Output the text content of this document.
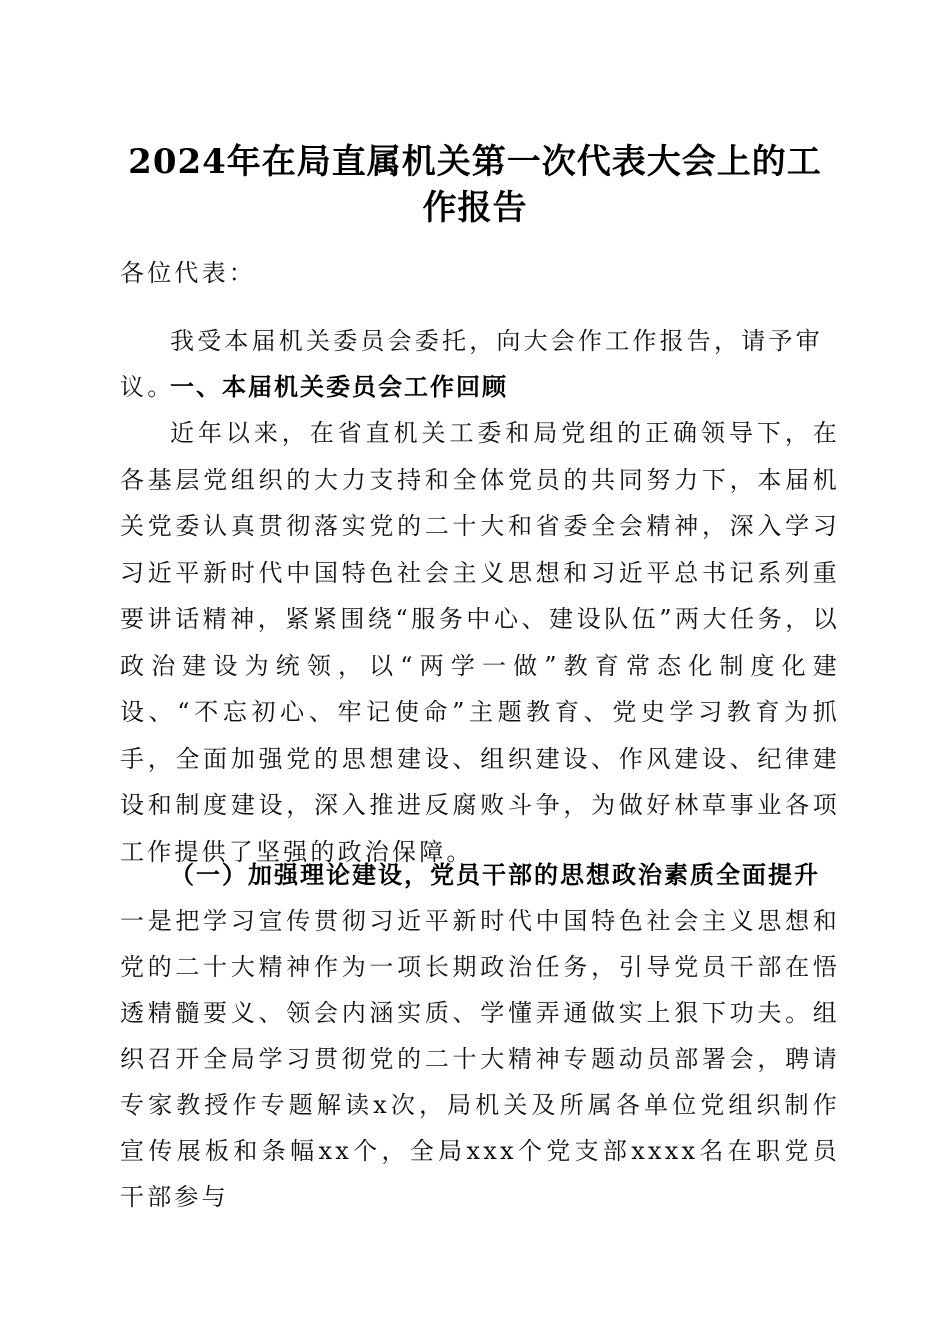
2024年在局直属机关第一次代表大会上的工
作报告
各位代表：
我受本届机关委员会委托，向大会作工作报告，请予审议。
一、本届机关委员会工作回顾
近年以来，在省直机关工委和局党组的正确领导下，在各基层党组织的大力支持和全体党员的共同努力下，本届机关党委认真贯彻落实党的二十大和省委全会精神，深入学习习近平新时代中国特色社会主义思想和习近平总书记系列重要讲话精神，紧紧围绕“服务中心、建设队伍”两大任务，以政治建设为统领，以“两学一做”教育常态化制度化建设、“不忘初心、牢记使命”主题教育、党史学习教育为抓手，全面加强党的思想建设、组织建设、作风建设、纪律建设和制度建设，深入推进反腐败斗争，为做好林草事业各项工作提供了坚强的政治保障。
（一）加强理论建设，党员干部的思想政治素质全面提升
一是把学习宣传贯彻习近平新时代中国特色社会主义思想和党的二十大精神作为一项长期政治任务，引导党员干部在悟透精髓要义、领会内涵实质、学懂弄通做实上狠下功夫。组织召开全局学习贯彻党的二十大精神专题动员部署会，聘请专家教授作专题解读x次，局机关及所属各单位党组织制作宣传展板和条幅xx个，全局xxx个党支部xxxx名在职党员干部参与
